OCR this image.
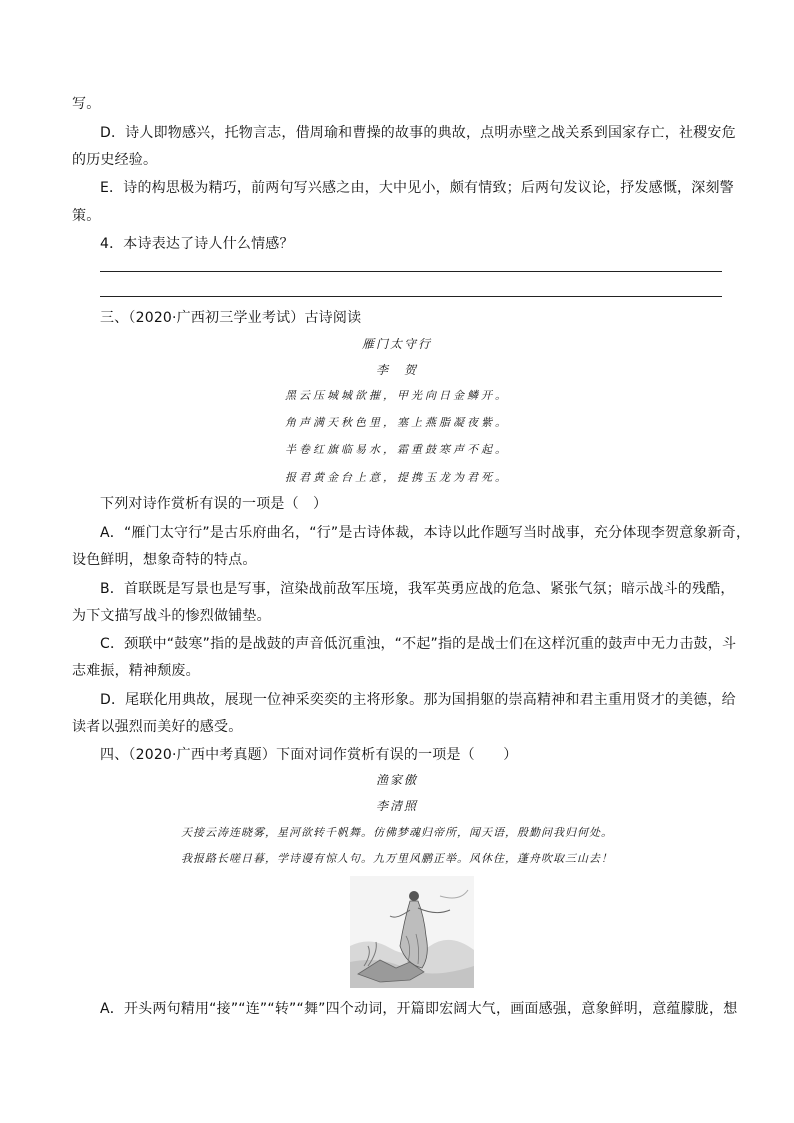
写。
D．诗人即物感兴，托物言志，借周瑜和曹操的故事的典故，点明赤壁之战关系到国家存亡，社稷安危
的历史经验。
E．诗的构思极为精巧，前两句写兴感之由，大中见小，颇有情致；后两句发议论，抒发感慨，深刻警
策。
4．本诗表达了诗人什么情感？
三、（2020·广西初三学业考试）古诗阅读
雁门太守行
李　贺
黑云压城城欲摧，甲光向日金鳞开。
角声满天秋色里，塞上燕脂凝夜紫。
半卷红旗临易水，霜重鼓寒声不起。
报君黄金台上意，提携玉龙为君死。
下列对诗作赏析有误的一项是（　）
A．“雁门太守行”是古乐府曲名，“行”是古诗体裁，本诗以此作题写当时战事，充分体现李贺意象新奇，
设色鲜明，想象奇特的特点。
B．首联既是写景也是写事，渲染战前敌军压境，我军英勇应战的危急、紧张气氛；暗示战斗的残酷，
为下文描写战斗的惨烈做铺垫。
C．颈联中“鼓寒”指的是战鼓的声音低沉重浊，“不起”指的是战士们在这样沉重的鼓声中无力击鼓，斗
志难振，精神颓废。
D．尾联化用典故，展现一位神采奕奕的主将形象。那为国捐躯的崇高精神和君主重用贤才的美德，给
读者以强烈而美好的感受。
四、（2020·广西中考真题）下面对词作赏析有误的一项是（　　）
渔家傲
李清照
天接云涛连晓雾，星河欲转千帆舞。仿佛梦魂归帝所，闻天语，殷勤问我归何处。
我报路长嗟日暮，学诗谩有惊人句。九万里风鹏正举。风休住，蓬舟吹取三山去！
A．开头两句精用“接”“连”“转”“舞”四个动词，开篇即宏阔大气，画面感强，意象鲜明，意蕴朦胧，想
